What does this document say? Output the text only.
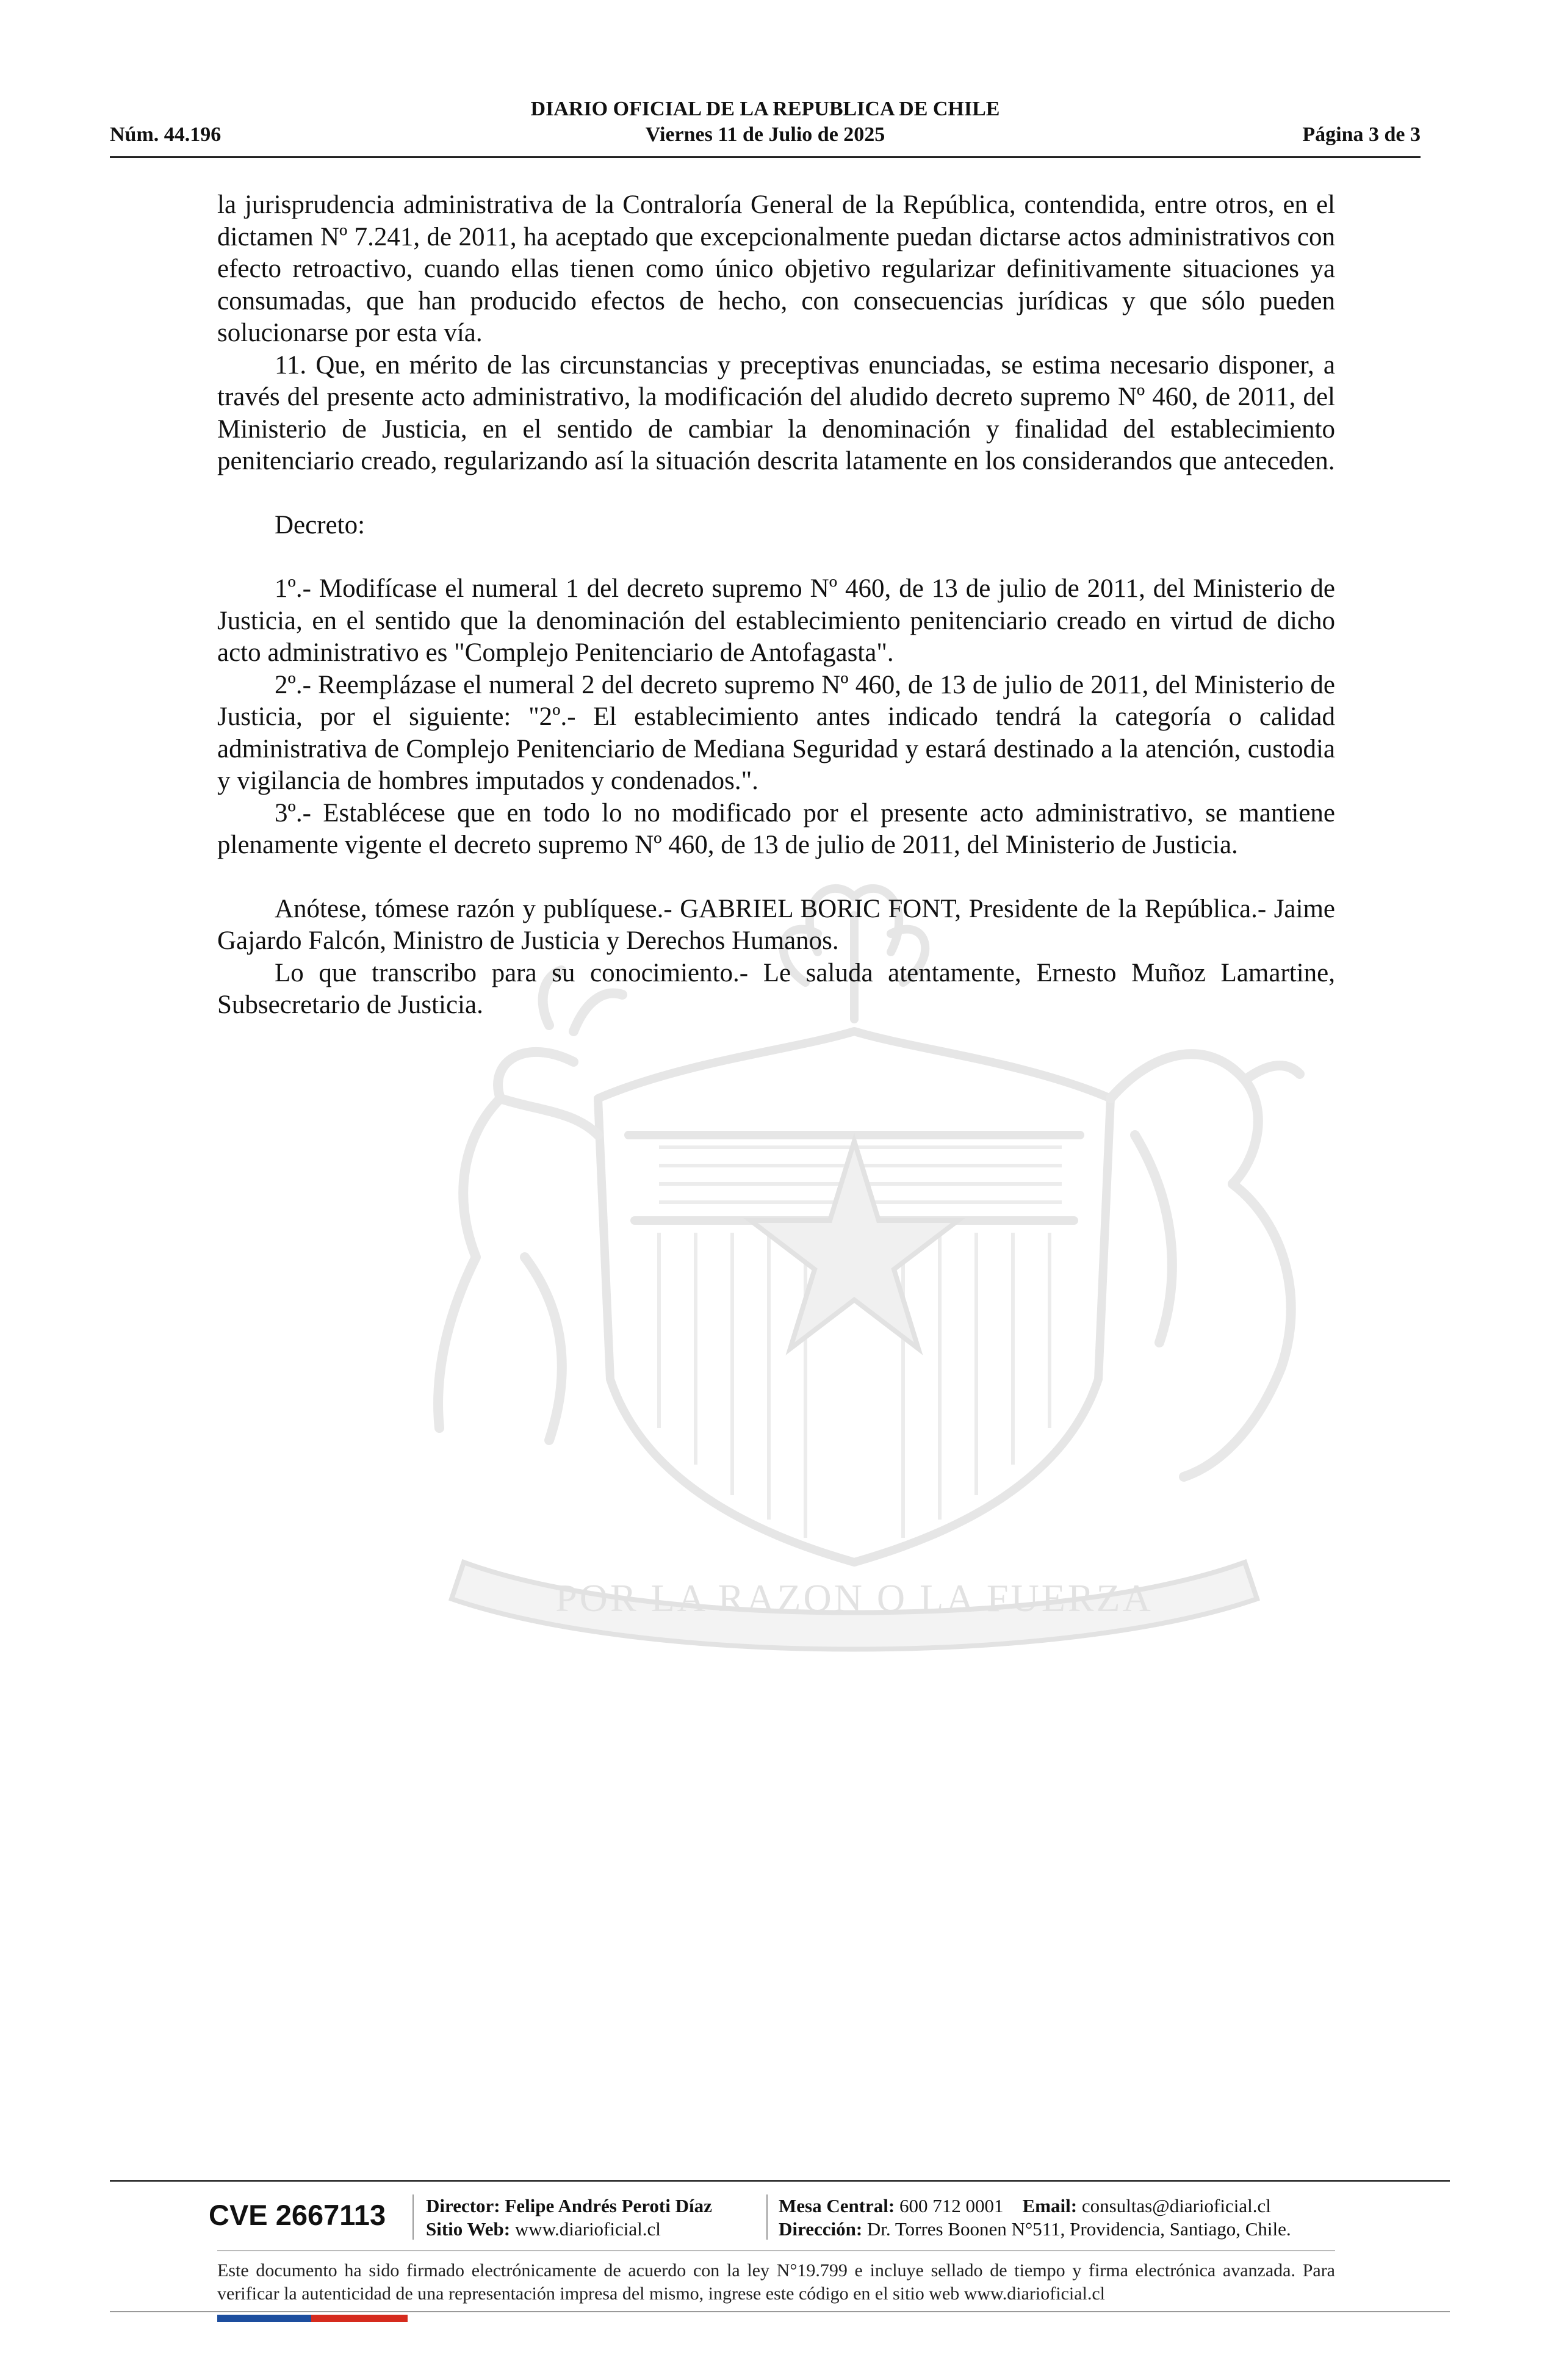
POR LA RAZON O LA FUERZA
DIARIO OFICIAL DE LA REPUBLICA DE CHILE
Núm. 44.196	Viernes 11 de Julio de 2025	Página 3 de 3

la jurisprudencia administrativa de la Contraloría General de la República, contendida, entre otros, en el dictamen Nº 7.241, de 2011, ha aceptado que excepcionalmente puedan dictarse actos administrativos con efecto retroactivo, cuando ellas tienen como único objetivo regularizar definitivamente situaciones ya consumadas, que han producido efectos de hecho, con consecuencias jurídicas y que sólo pueden solucionarse por esta vía.

11. Que, en mérito de las circunstancias y preceptivas enunciadas, se estima necesario disponer, a través del presente acto administrativo, la modificación del aludido decreto supremo Nº 460, de 2011, del Ministerio de Justicia, en el sentido de cambiar la denominación y finalidad del establecimiento penitenciario creado, regularizando así la situación descrita latamente en los considerandos que anteceden.

Decreto:

1º.- Modifícase el numeral 1 del decreto supremo Nº 460, de 13 de julio de 2011, del Ministerio de Justicia, en el sentido que la denominación del establecimiento penitenciario creado en virtud de dicho acto administrativo es "Complejo Penitenciario de Antofagasta".

2º.- Reemplázase el numeral 2 del decreto supremo Nº 460, de 13 de julio de 2011, del Ministerio de Justicia, por el siguiente: "2º.- El establecimiento antes indicado tendrá la categoría o calidad administrativa de Complejo Penitenciario de Mediana Seguridad y estará destinado a la atención, custodia y vigilancia de hombres imputados y condenados.".

3º.- Establécese que en todo lo no modificado por el presente acto administrativo, se mantiene plenamente vigente el decreto supremo Nº 460, de 13 de julio de 2011, del Ministerio de Justicia.

Anótese, tómese razón y publíquese.- GABRIEL BORIC FONT, Presidente de la República.- Jaime Gajardo Falcón, Ministro de Justicia y Derechos Humanos.

Lo que transcribo para su conocimiento.- Le saluda atentamente, Ernesto Muñoz Lamartine, Subsecretario de Justicia.

CVE 2667113 Director: Felipe Andrés Peroti Díaz
Sitio Web: www.diarioficial.cl
Mesa Central: 600 712 0001 Email: consultas@diarioficial.cl
Dirección: Dr. Torres Boonen N°511, Providencia, Santiago, Chile.
Este documento ha sido firmado electrónicamente de acuerdo con la ley N°19.799 e incluye sellado de tiempo y firma electrónica avanzada. Para verificar la autenticidad de una representación impresa del mismo, ingrese este código en el sitio web www.diarioficial.cl
